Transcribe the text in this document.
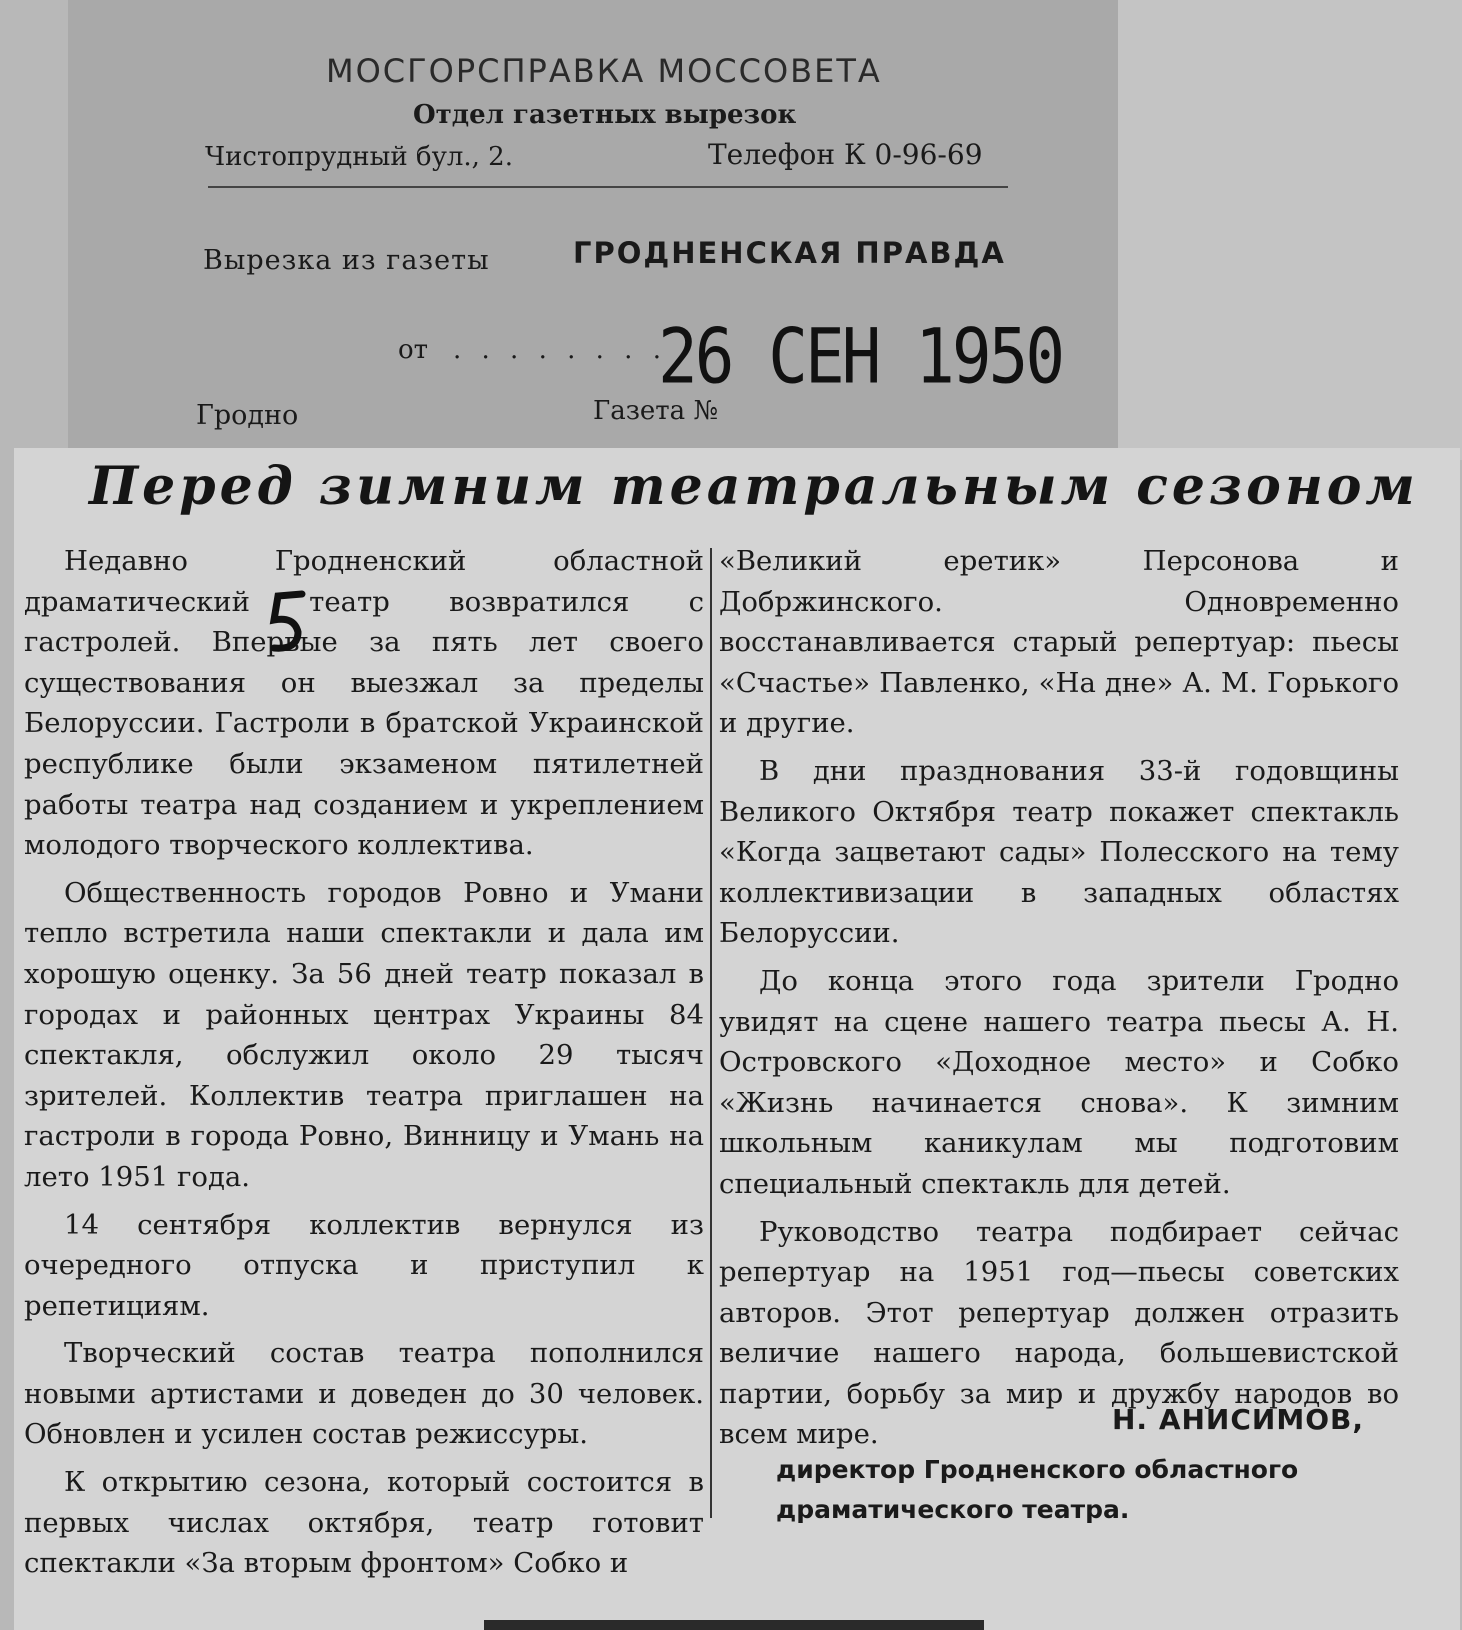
МОСГОРСПРАВКА МОССОВЕТА
Отдел газетных вырезок
Чистопрудный бул., 2.	Телефон К 0-96-69
Вырезка из газеты	ГРОДНЕНСКАЯ ПРАВДА
от . . . . . . . .
26 СЕН 1950
Гродно	Газета №
Перед зимним театральным сезоном

Недавно Гродненский областной драматический театр возвратился с гастролей. Впервые за пять лет своего существования он выезжал за пределы Белоруссии. Гастроли в братской Украинской республике были экзаменом пятилетней работы театра над созданием и укреплением молодого творческого коллектива.

Общественность городов Ровно и Умани тепло встретила наши спектакли и дала им хорошую оценку. За 56 дней театр показал в городах и районных центрах Украины 84 спектакля, обслужил около 29 тысяч зрителей. Коллектив театра приглашен на гастроли в города Ровно, Винницу и Умань на лето 1951 года.

14 сентября коллектив вернулся из очередного отпуска и приступил к репетициям.

Творческий состав театра пополнился новыми артистами и доведен до 30 человек. Обновлен и усилен состав режиссуры.

К открытию сезона, который состоится в первых числах октября, театр готовит спектакли «За вторым фронтом» Собко и

«Великий еретик» Персонова и Добржинского. Одновременно восстанавливается старый репертуар: пьесы «Счастье» Павленко, «На дне» А. М. Горького и другие.

В дни празднования 33-й годовщины Великого Октября театр покажет спектакль «Когда зацветают сады» Полесского на тему коллективизации в западных областях Белоруссии.

До конца этого года зрители Гродно увидят на сцене нашего театра пьесы А. Н. Островского «Доходное место» и Собко «Жизнь начинается снова». К зимним школьным каникулам мы подготовим специальный спектакль для детей.

Руководство театра подбирает сейчас репертуар на 1951 год—пьесы советских авторов. Этот репертуар должен отразить величие нашего народа, большевистской партии, борьбу за мир и дружбу народов во всем мире.	Н. АНИСИМОВ,
директор Гродненского областного драматического театра.
